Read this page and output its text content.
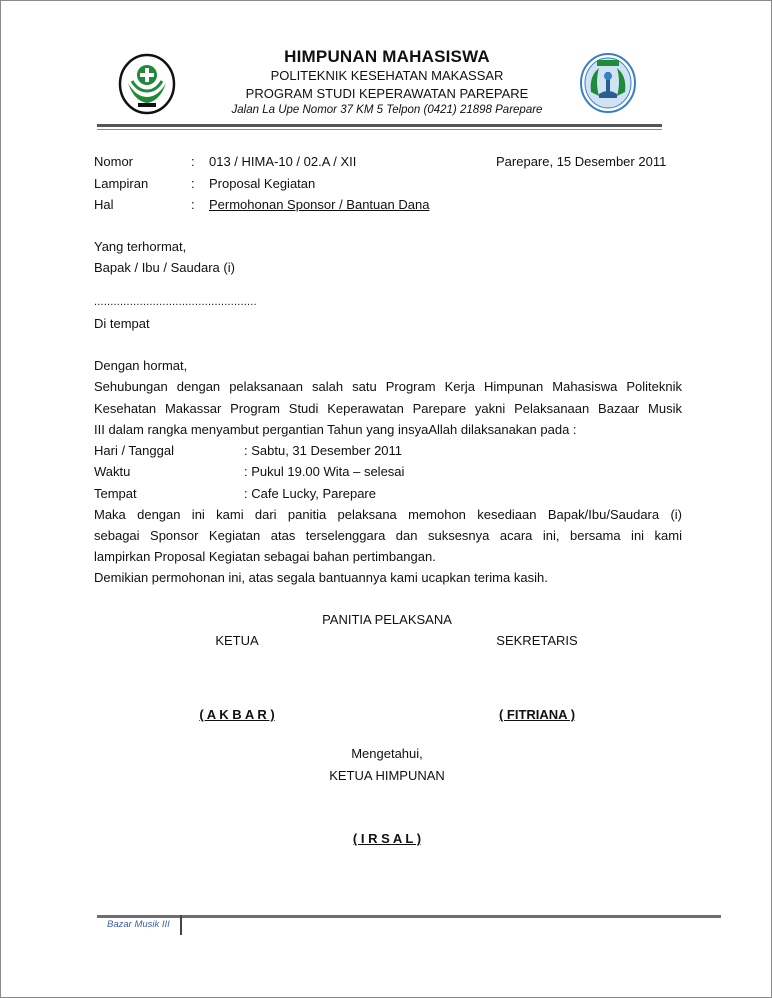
HIMPUNAN MAHASISWA
POLITEKNIK KESEHATAN MAKASSAR
PROGRAM STUDI KEPERAWATAN PAREPARE
Jalan La Upe Nomor 37 KM 5 Telpon (0421) 21898 Parepare
Nomor	: 013 / HIMA-10 / 02.A / XII	Parepare, 15 Desember 2011
Lampiran	: Proposal Kegiatan
Hal	: Permohonan Sponsor / Bantuan Dana
Yang terhormat,
Bapak / Ibu / Saudara (i)
..................................................
Di tempat
Dengan hormat,
Sehubungan dengan pelaksanaan salah satu Program Kerja Himpunan Mahasiswa Politeknik
Kesehatan Makassar Program Studi Keperawatan Parepare yakni Pelaksanaan Bazaar Musik
III dalam rangka menyambut pergantian Tahun yang insyaAllah dilaksanakan pada :
Hari / Tanggal	: Sabtu, 31 Desember 2011
Waktu	: Pukul 19.00 Wita – selesai
Tempat	: Cafe Lucky, Parepare
Maka dengan ini kami dari panitia pelaksana memohon kesediaan Bapak/Ibu/Saudara (i)
sebagai Sponsor Kegiatan atas terselenggara dan suksesnya acara ini, bersama ini kami
lampirkan Proposal Kegiatan sebagai bahan pertimbangan.
Demikian permohonan ini, atas segala bantuannya kami ucapkan terima kasih.
PANITIA PELAKSANA
KETUA	SEKRETARIS
( A K B A R )	( FITRIANA )
Mengetahui,
KETUA HIMPUNAN
( I R S A L )
Bazar Musik III
